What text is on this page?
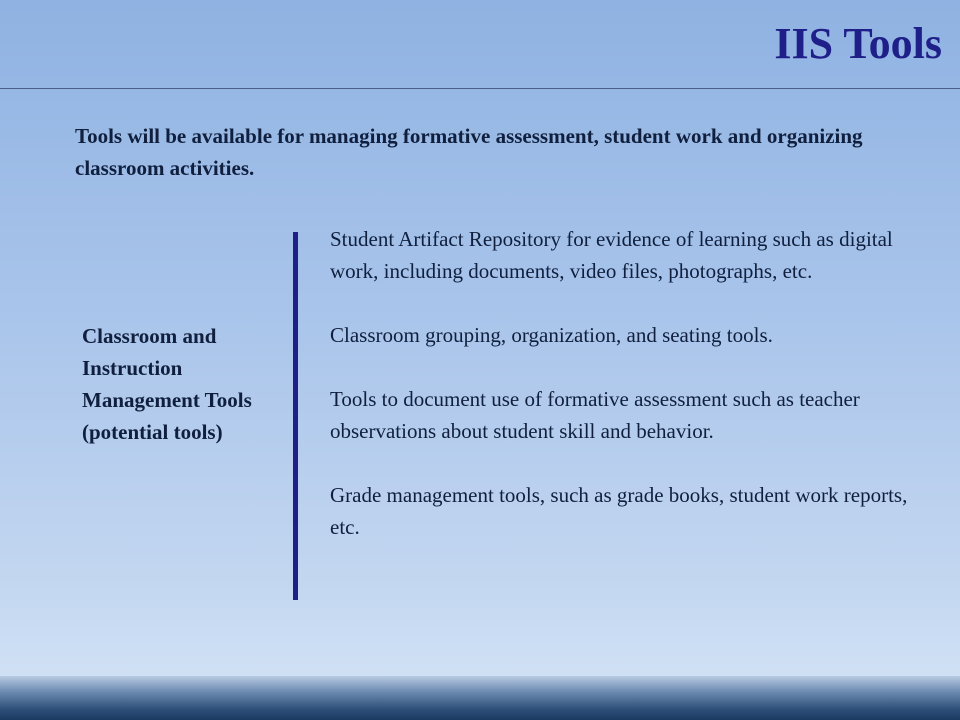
IIS Tools

Tools will be available for managing formative assessment, student work and organizing classroom activities.

Classroom and Instruction Management Tools (potential tools)

Student Artifact Repository for evidence of learning such as digital work, including documents, video files, photographs, etc.
Classroom grouping, organization, and seating tools.
Tools to document use of formative assessment such as teacher observations about student skill and behavior.
Grade management tools, such as grade books, student work reports, etc.
